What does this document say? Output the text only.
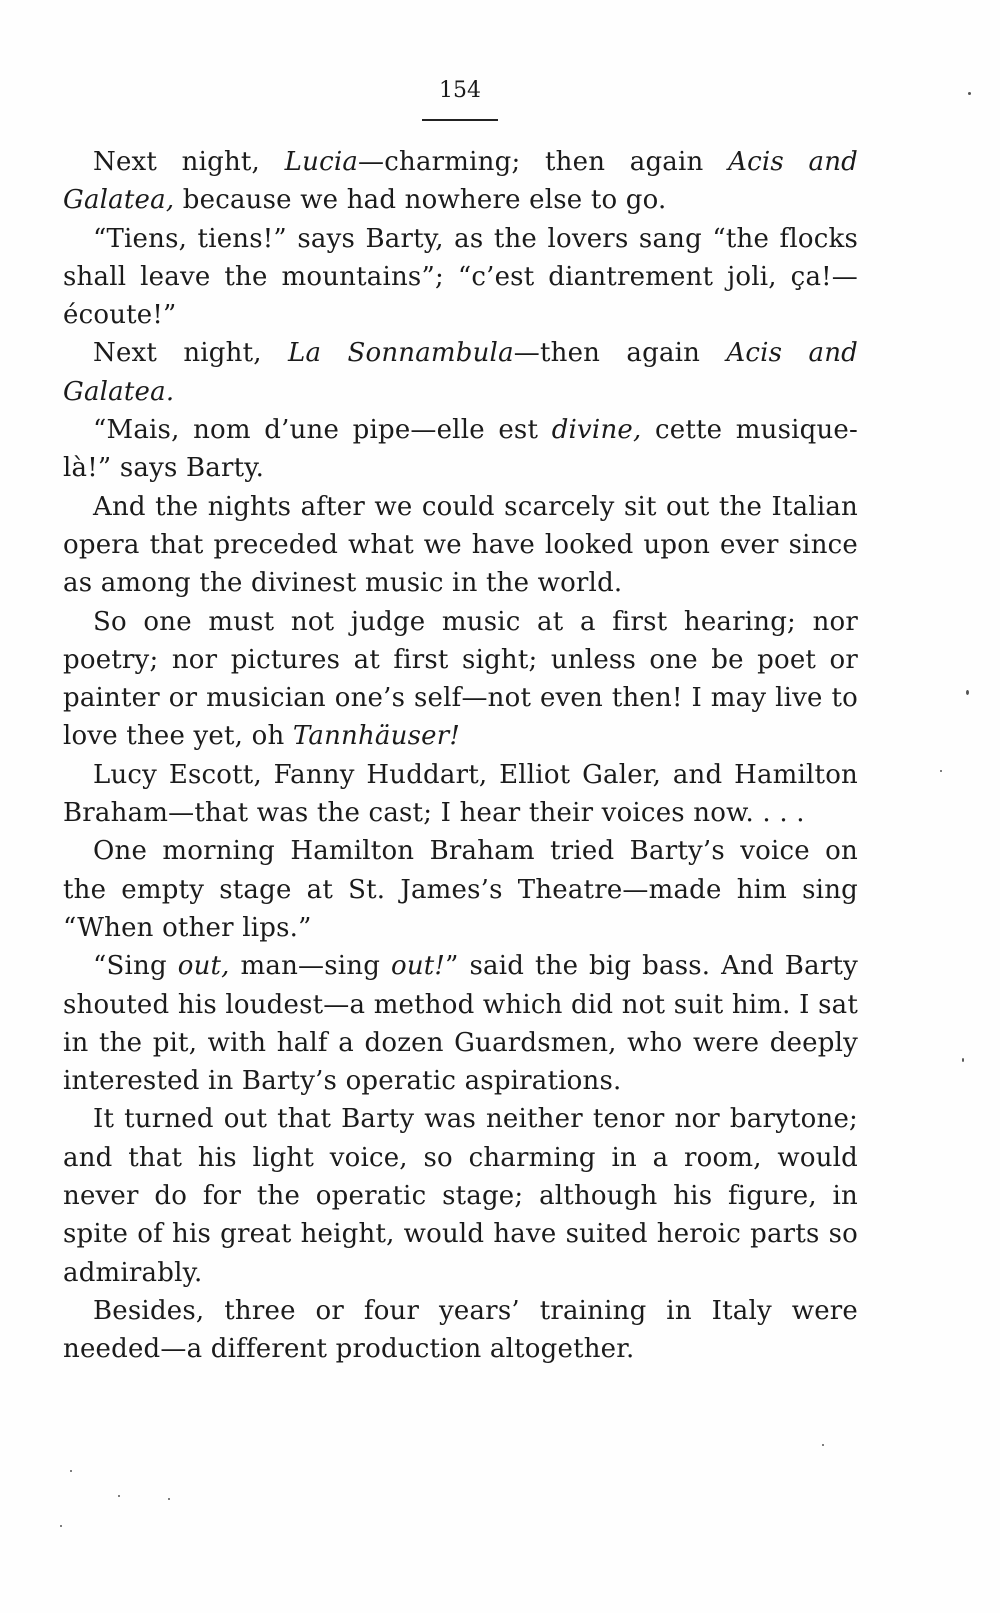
154

Next night, Lucia—charming; then again Acis and Galatea, because we had nowhere else to go.

“Tiens, tiens!” says Barty, as the lovers sang “the flocks shall leave the mountains”; “c’est diantrement joli, ça!—écoute!”

Next night, La Sonnambula—then again Acis and Galatea.

“Mais, nom d’une pipe—elle est divine, cette musique-là!” says Barty.

And the nights after we could scarcely sit out the Italian opera that preceded what we have looked upon ever since as among the divinest music in the world.

So one must not judge music at a first hearing; nor poetry; nor pictures at first sight; unless one be poet or painter or musician one’s self—not even then! I may live to love thee yet, oh Tannhäuser!

Lucy Escott, Fanny Huddart, Elliot Galer, and Hamilton Braham—that was the cast; I hear their voices now. . . .

One morning Hamilton Braham tried Barty’s voice on the empty stage at St. James’s Theatre—made him sing “When other lips.”

“Sing out, man—sing out!” said the big bass. And Barty shouted his loudest—a method which did not suit him. I sat in the pit, with half a dozen Guardsmen, who were deeply interested in Barty’s operatic aspirations.

It turned out that Barty was neither tenor nor barytone; and that his light voice, so charming in a room, would never do for the operatic stage; although his figure, in spite of his great height, would have suited heroic parts so admirably.

Besides, three or four years’ training in Italy were needed—a different production altogether.
